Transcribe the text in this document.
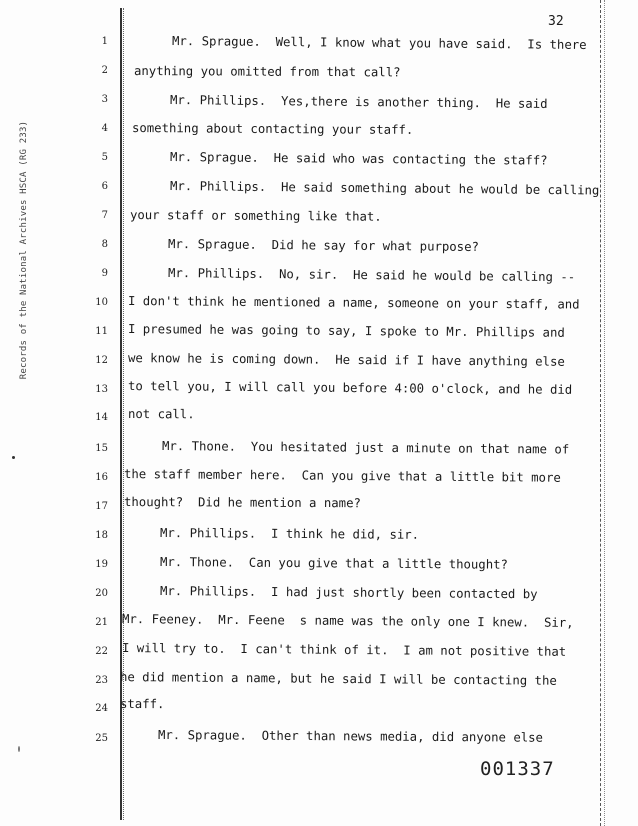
Records of the National Archives HSCA (RG 233)
32
1
2
3
4
5
6
7
8
9
10
11
12
13
14
15
16
17
18
19
20
21
22
23
24
25
Mr. Sprague.  Well, I know what you have said.  Is there
anything you omitted from that call?
Mr. Phillips.  Yes,there is another thing.  He said
something about contacting your staff.
Mr. Sprague.  He said who was contacting the staff?
Mr. Phillips.  He said something about he would be calling
your staff or something like that.
Mr. Sprague.  Did he say for what purpose?
Mr. Phillips.  No, sir.  He said he would be calling --
I don't think he mentioned a name, someone on your staff, and
I presumed he was going to say, I spoke to Mr. Phillips and
we know he is coming down.  He said if I have anything else
to tell you, I will call you before 4:00 o'clock, and he did
not call.
Mr. Thone.  You hesitated just a minute on that name of
the staff member here.  Can you give that a little bit more
thought?  Did he mention a name?
Mr. Phillips.  I think he did, sir.
Mr. Thone.  Can you give that a little thought?
Mr. Phillips.  I had just shortly been contacted by
Mr. Feeney.  Mr. Feene  s name was the only one I knew.  Sir,
I will try to.  I can't think of it.  I am not positive that
he did mention a name, but he said I will be contacting the
staff.
Mr. Sprague.  Other than news media, did anyone else
001337
